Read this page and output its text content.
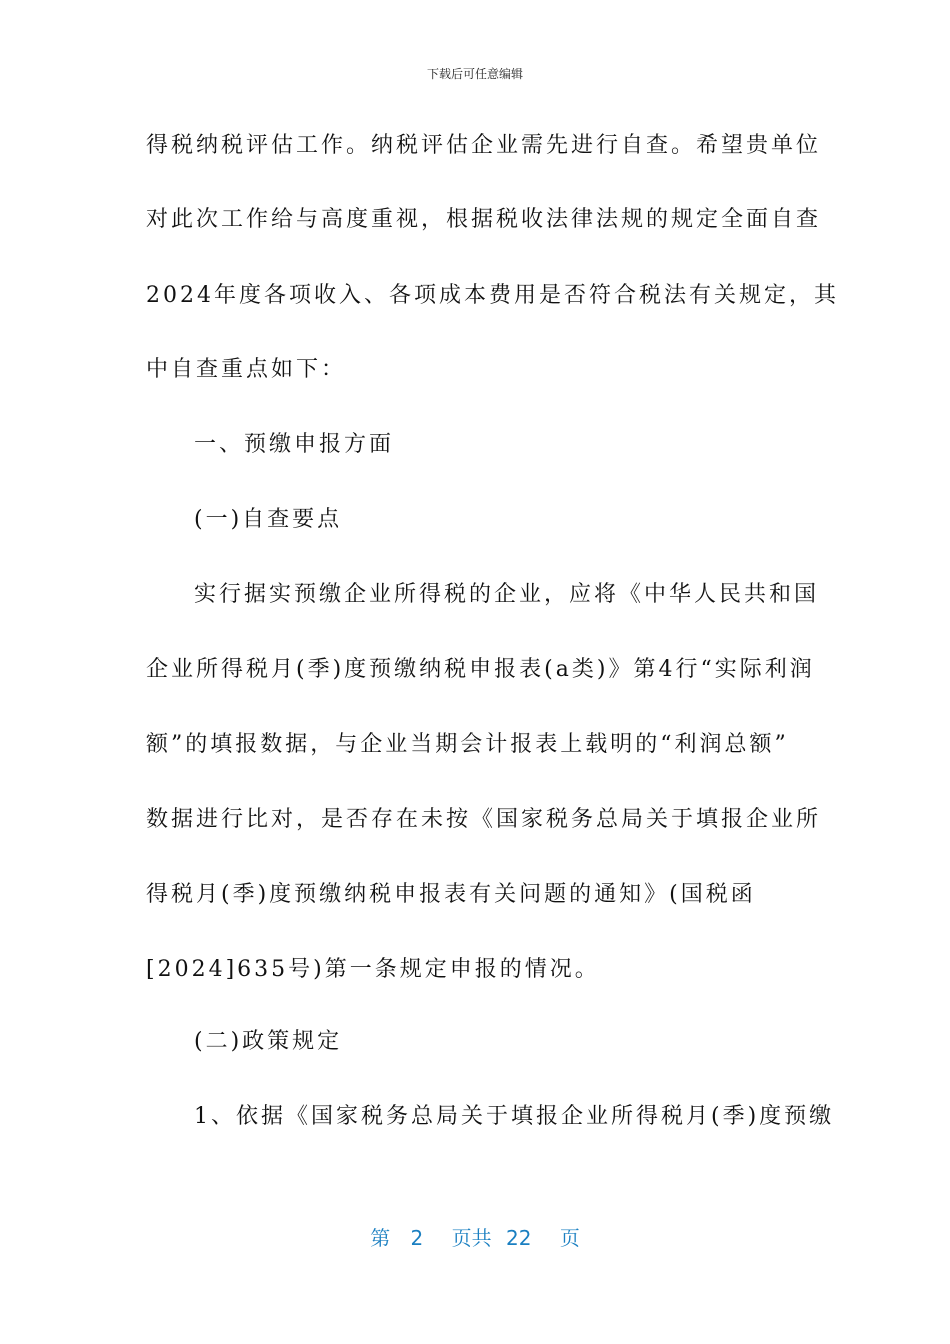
下载后可任意编辑
得税纳税评估工作。纳税评估企业需先进行自查。希望贵单位
对此次工作给与高度重视，根据税收法律法规的规定全面自查
2024年度各项收入、各项成本费用是否符合税法有关规定，其
中自查重点如下：
一、预缴申报方面
(一)自查要点
实行据实预缴企业所得税的企业，应将《中华人民共和国
企业所得税月(季)度预缴纳税申报表(a类)》第4行“实际利润
额”的填报数据，与企业当期会计报表上载明的“利润总额”
数据进行比对，是否存在未按《国家税务总局关于填报企业所
得税月(季)度预缴纳税申报表有关问题的通知》(国税函
[2024]635号)第一条规定申报的情况。
(二)政策规定
1、依据《国家税务总局关于填报企业所得税月(季)度预缴
第 2 页共 22 页
